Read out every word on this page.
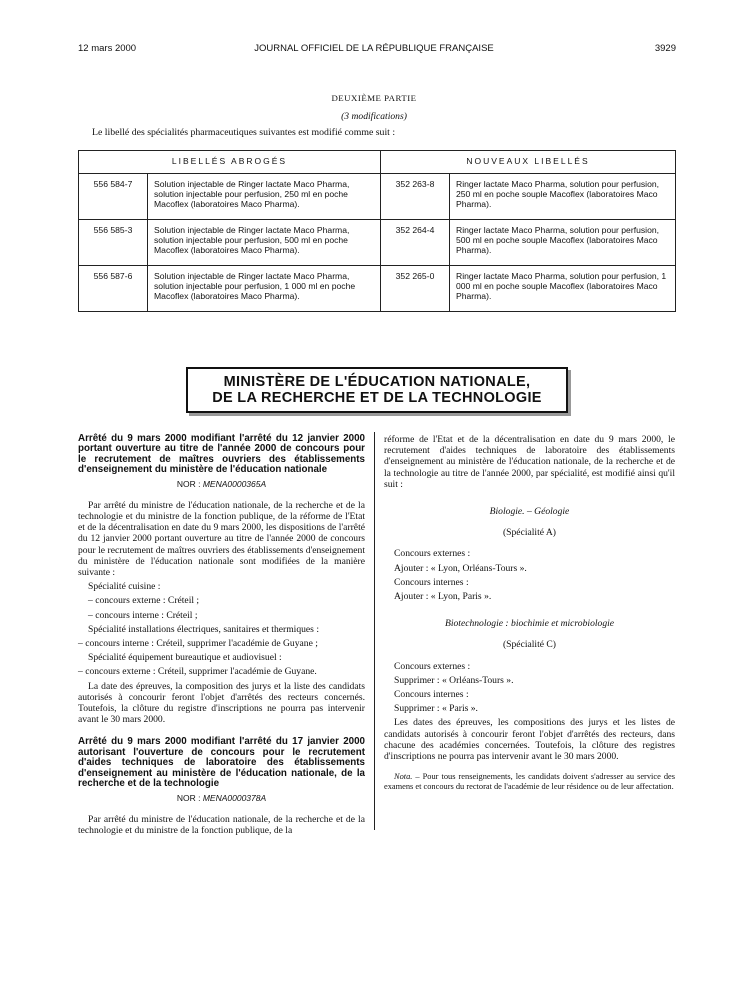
12 mars 2000	JOURNAL OFFICIEL DE LA RÉPUBLIQUE FRANÇAISE	3929
DEUXIÈME PARTIE
(3 modifications)
Le libellé des spécialités pharmaceutiques suivantes est modifié comme suit :
LIBELLÉS ABROGÉS		NOUVEAUX LIBELLÉS	
556 584-7	Solution injectable de Ringer lactate Maco Pharma, solution injectable pour perfusion, 250 ml en poche Macoflex (laboratoires Maco Pharma).	352 263-8	Ringer lactate Maco Pharma, solution pour perfusion, 250 ml en poche souple Macoflex (laboratoires Maco Pharma).
556 585-3	Solution injectable de Ringer lactate Maco Pharma, solution injectable pour perfusion, 500 ml en poche Macoflex (laboratoires Maco Pharma).	352 264-4	Ringer lactate Maco Pharma, solution pour perfusion, 500 ml en poche souple Macoflex (laboratoires Maco Pharma).
556 587-6	Solution injectable de Ringer lactate Maco Pharma, solution injectable pour perfusion, 1 000 ml en poche Macoflex (laboratoires Maco Pharma).	352 265-0	Ringer lactate Maco Pharma, solution pour perfusion, 1 000 ml en poche souple Macoflex (laboratoires Maco Pharma).
MINISTÈRE DE L'ÉDUCATION NATIONALE,
DE LA RECHERCHE ET DE LA TECHNOLOGIE

Arrêté du 9 mars 2000 modifiant l'arrêté du 12 janvier 2000 portant ouverture au titre de l'année 2000 de concours pour le recrutement de maîtres ouvriers des établissements d'enseignement du ministère de l'éducation nationale

NOR : MENA0000365A

Par arrêté du ministre de l'éducation nationale, de la recherche et de la technologie et du ministre de la fonction publique, de la réforme de l'Etat et de la décentralisation en date du 9 mars 2000, les dispositions de l'arrêté du 12 janvier 2000 portant ouverture au titre de l'année 2000 de concours pour le recrutement de maîtres ouvriers des établissements d'enseignement du ministère de l'éducation nationale sont modifiées de la manière suivante :

Spécialité cuisine :

– concours externe : Créteil ;

– concours interne : Créteil ;

Spécialité installations électriques, sanitaires et thermiques :

– concours interne : Créteil, supprimer l'académie de Guyane ;

Spécialité équipement bureautique et audiovisuel :

– concours externe : Créteil, supprimer l'académie de Guyane.

La date des épreuves, la composition des jurys et la liste des candidats autorisés à concourir feront l'objet d'arrêtés des recteurs concernés. Toutefois, la clôture du registre d'inscriptions ne pourra pas intervenir avant le 30 mars 2000.

Arrêté du 9 mars 2000 modifiant l'arrêté du 17 janvier 2000 autorisant l'ouverture de concours pour le recrutement d'aides techniques de laboratoire des établissements d'enseignement au ministère de l'éducation nationale, de la recherche et de la technologie

NOR : MENA0000378A

Par arrêté du ministre de l'éducation nationale, de la recherche et de la technologie et du ministre de la fonction publique, de la

réforme de l'Etat et de la décentralisation en date du 9 mars 2000, le recrutement d'aides techniques de laboratoire des établissements d'enseignement au ministère de l'éducation nationale, de la recherche et de la technologie au titre de l'année 2000, par spécialité, est modifié ainsi qu'il suit :

Biologie. – Géologie

(Spécialité A)

Concours externes :

Ajouter : « Lyon, Orléans-Tours ».

Concours internes :

Ajouter : « Lyon, Paris ».

Biotechnologie : biochimie et microbiologie

(Spécialité C)

Concours externes :

Supprimer : « Orléans-Tours ».

Concours internes :

Supprimer : « Paris ».

Les dates des épreuves, les compositions des jurys et les listes de candidats autorisés à concourir feront l'objet d'arrêtés des recteurs, dans chacune des académies concernées. Toutefois, la clôture des registres d'inscriptions ne pourra pas intervenir avant le 30 mars 2000.

Nota. – Pour tous renseignements, les candidats doivent s'adresser au service des examens et concours du rectorat de l'académie de leur résidence ou de leur affectation.
